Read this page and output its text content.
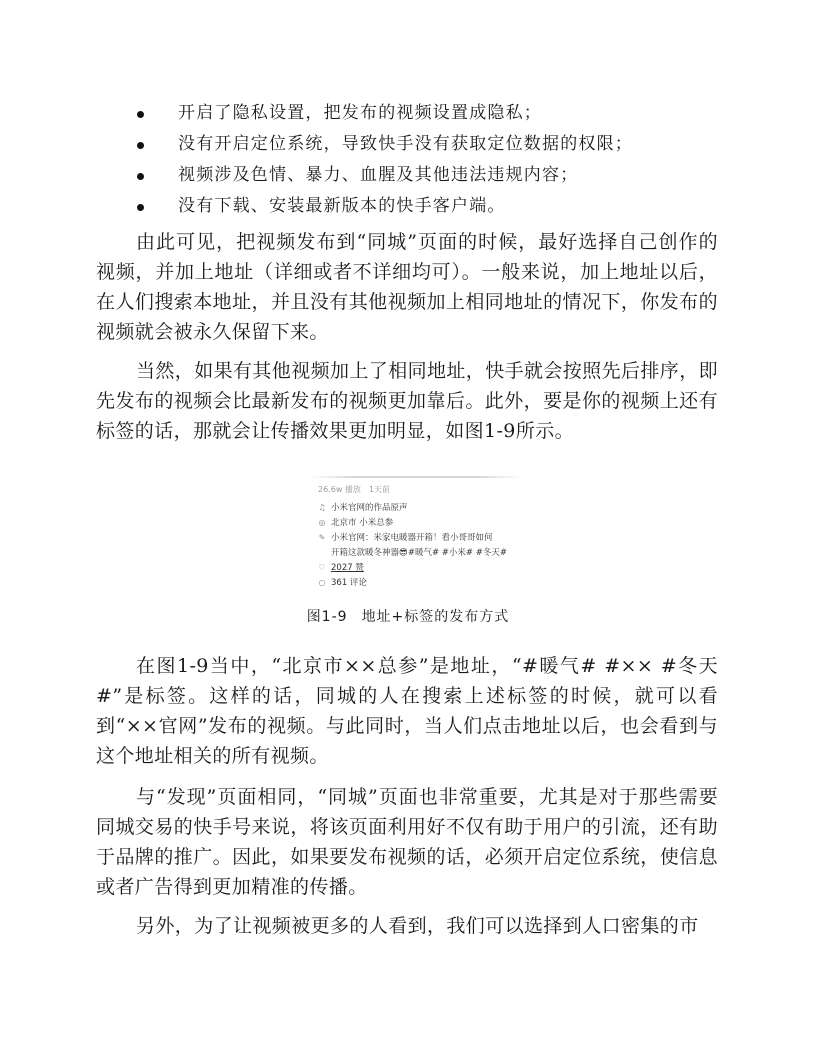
开启了隐私设置，把发布的视频设置成隐私；
没有开启定位系统，导致快手没有获取定位数据的权限；
视频涉及色情、暴力、血腥及其他违法违规内容；
没有下载、安装最新版本的快手客户端。

由此可见，把视频发布到“同城”页面的时候，最好选择自己创作的视频，并加上地址（详细或者不详细均可）。一般来说，加上地址以后，在人们搜索本地址，并且没有其他视频加上相同地址的情况下，你发布的视频就会被永久保留下来。

当然，如果有其他视频加上了相同地址，快手就会按照先后排序，即先发布的视频会比最新发布的视频更加靠后。此外，要是你的视频上还有标签的话，那就会让传播效果更加明显，如图1-9所示。

26.6w 播放 1天前
♫ 小米官网的作品原声
◎ 北京市 小米总参
✎ 小米官网：米家电暖器开箱！看小哥哥如何
开箱这款暖冬神器😎#暖气# #小米# #冬天#
♡ 2027 赞
○ 361 评论
图1-9 地址+标签的发布方式

在图1-9当中，“北京市××总参”是地址，“#暖气# #×× #冬天#”是标签。这样的话，同城的人在搜索上述标签的时候，就可以看到“××官网”发布的视频。与此同时，当人们点击地址以后，也会看到与这个地址相关的所有视频。

与“发现”页面相同，“同城”页面也非常重要，尤其是对于那些需要同城交易的快手号来说，将该页面利用好不仅有助于用户的引流，还有助于品牌的推广。因此，如果要发布视频的话，必须开启定位系统，使信息或者广告得到更加精准的传播。

另外，为了让视频被更多的人看到，我们可以选择到人口密集的市
